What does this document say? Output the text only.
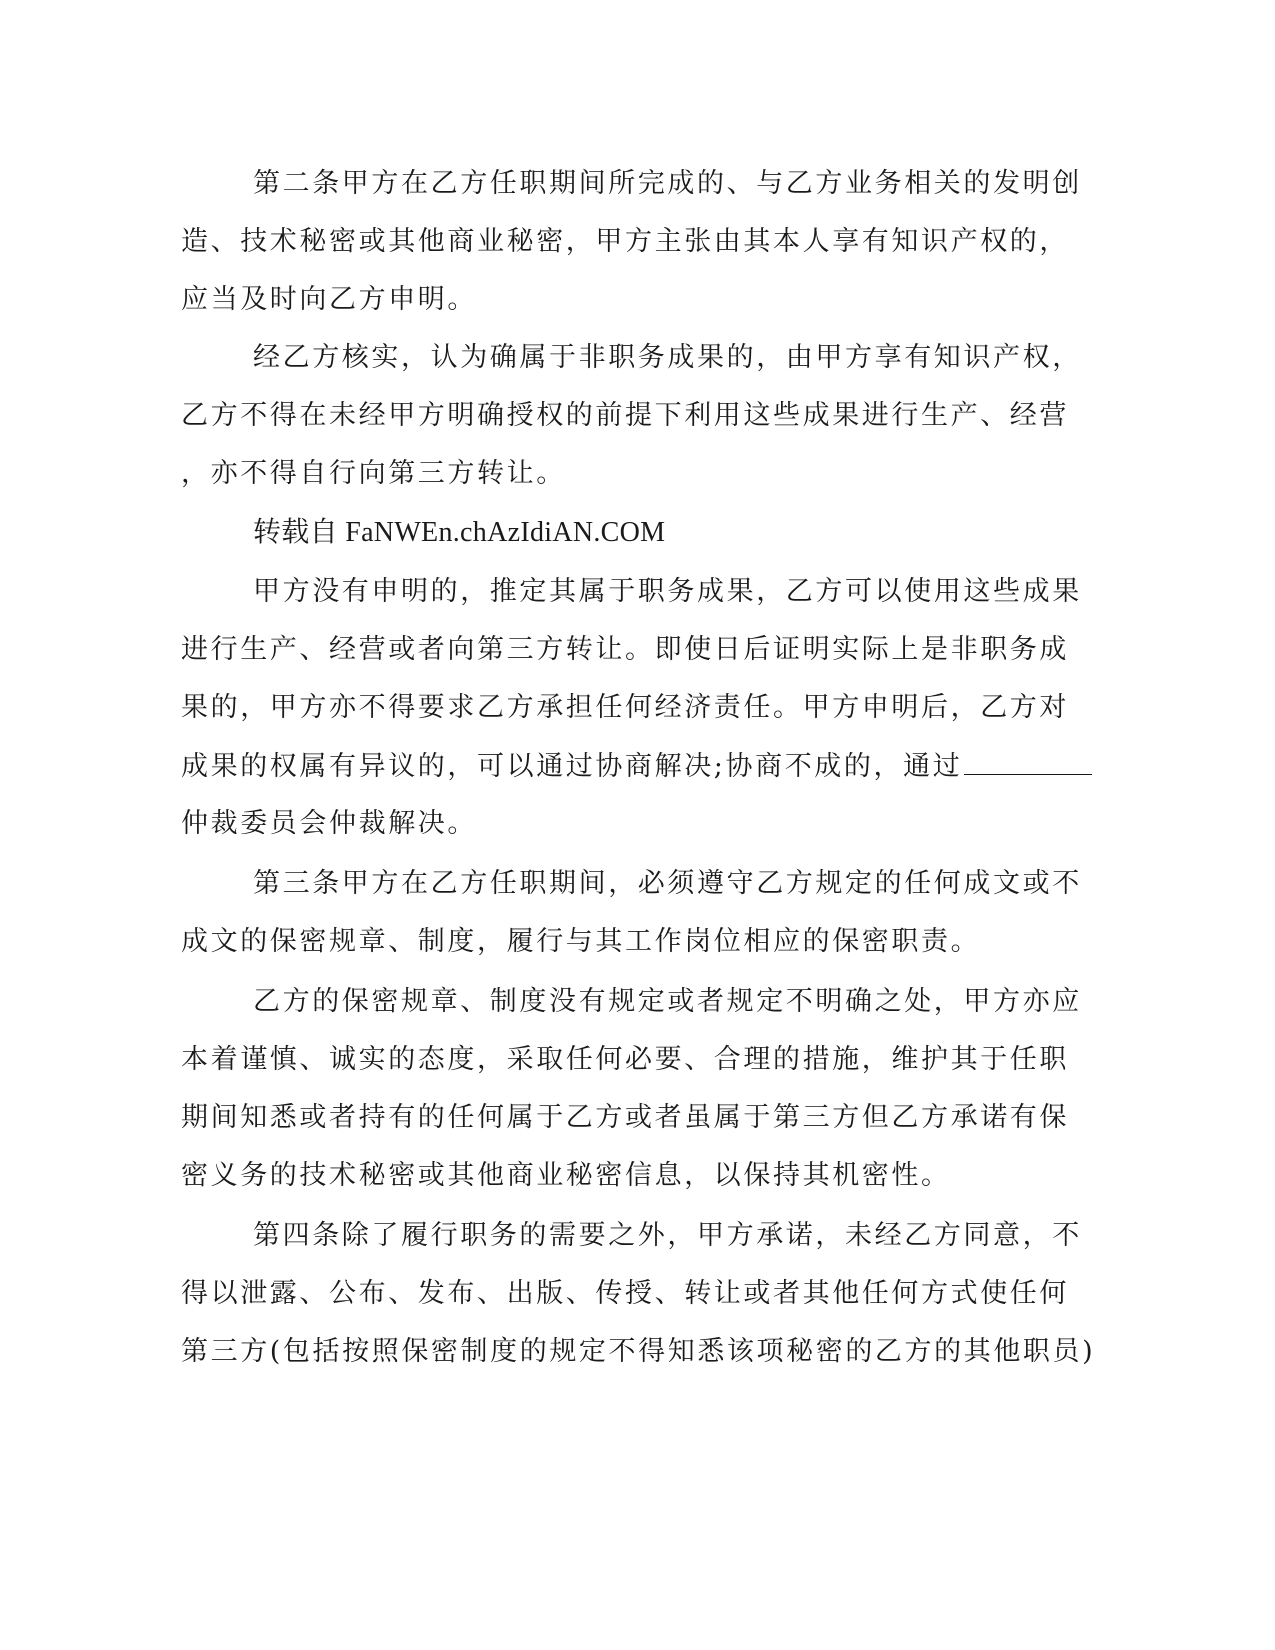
第二条甲方在乙方任职期间所完成的、与乙方业务相关的发明创
造、技术秘密或其他商业秘密，甲方主张由其本人享有知识产权的，
应当及时向乙方申明。
经乙方核实，认为确属于非职务成果的，由甲方享有知识产权，
乙方不得在未经甲方明确授权的前提下利用这些成果进行生产、经营
，亦不得自行向第三方转让。
转载自 FaNWEn.chAzIdiAN.COM
甲方没有申明的，推定其属于职务成果，乙方可以使用这些成果
进行生产、经营或者向第三方转让。即使日后证明实际上是非职务成
果的，甲方亦不得要求乙方承担任何经济责任。甲方申明后，乙方对
成果的权属有异议的，可以通过协商解决;协商不成的，通过
仲裁委员会仲裁解决。
第三条甲方在乙方任职期间，必须遵守乙方规定的任何成文或不
成文的保密规章、制度，履行与其工作岗位相应的保密职责。
乙方的保密规章、制度没有规定或者规定不明确之处，甲方亦应
本着谨慎、诚实的态度，采取任何必要、合理的措施，维护其于任职
期间知悉或者持有的任何属于乙方或者虽属于第三方但乙方承诺有保
密义务的技术秘密或其他商业秘密信息，以保持其机密性。
第四条除了履行职务的需要之外，甲方承诺，未经乙方同意，不
得以泄露、公布、发布、出版、传授、转让或者其他任何方式使任何
第三方(包括按照保密制度的规定不得知悉该项秘密的乙方的其他职员)
